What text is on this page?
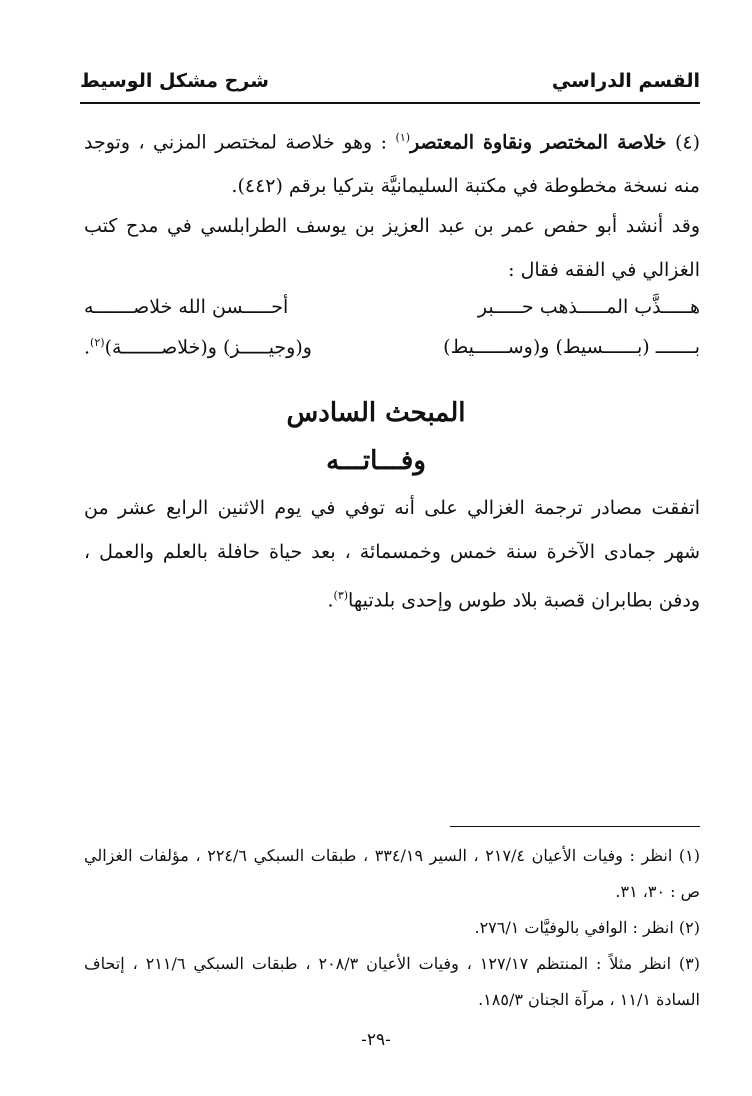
القسم الدراسي
شرح مشكل الوسيط
(٤) خلاصة المختصر ونقاوة المعتصر$^{(١)}$ : وهو خلاصة لمختصر المزني ، وتوجد منه نسخة مخطوطة في مكتبة السليمانيَّة بتركيا برقم (٤٤٢).
وقد أنشد أبو حفص عمر بن عبد العزيز بن يوسف الطرابلسي في مدح كتب الغزالي في الفقه فقال :
هـــــذَّب المـــــذهب حـــــبر
أحـــــسن الله خلاصـــــــه
بـــــــ (بــــــسيط) و(وســــــيط)
و(وجيـــــز) و(خلاصـــــــة)$^{(٢)}$.
المبحث السادس
وفـــاتـــه
اتفقت مصادر ترجمة الغزالي على أنه توفي في يوم الاثنين الرابع عشر من شهر جمادى الآخرة سنة خمس وخمسمائة ، بعد حياة حافلة بالعلم والعمل ، ودفن بطابران قصبة بلاد طوس وإحدى بلدتيها$^{(٣)}$.

(١) انظر : وفيات الأعيان ٢١٧/٤ ، السير ٣٣٤/١٩ ، طبقات السبكي ٢٢٤/٦ ، مؤلفات الغزالي ص : ٣٠، ٣١.

(٢) انظر : الوافي بالوفيَّات ٢٧٦/١.

(٣) انظر مثلاً : المنتظم ١٢٧/١٧ ، وفيات الأعيان ٢٠٨/٣ ، طبقات السبكي ٢١١/٦ ، إتحاف السادة ١١/١ ، مرآة الجنان ١٨٥/٣.

-٢٩-
